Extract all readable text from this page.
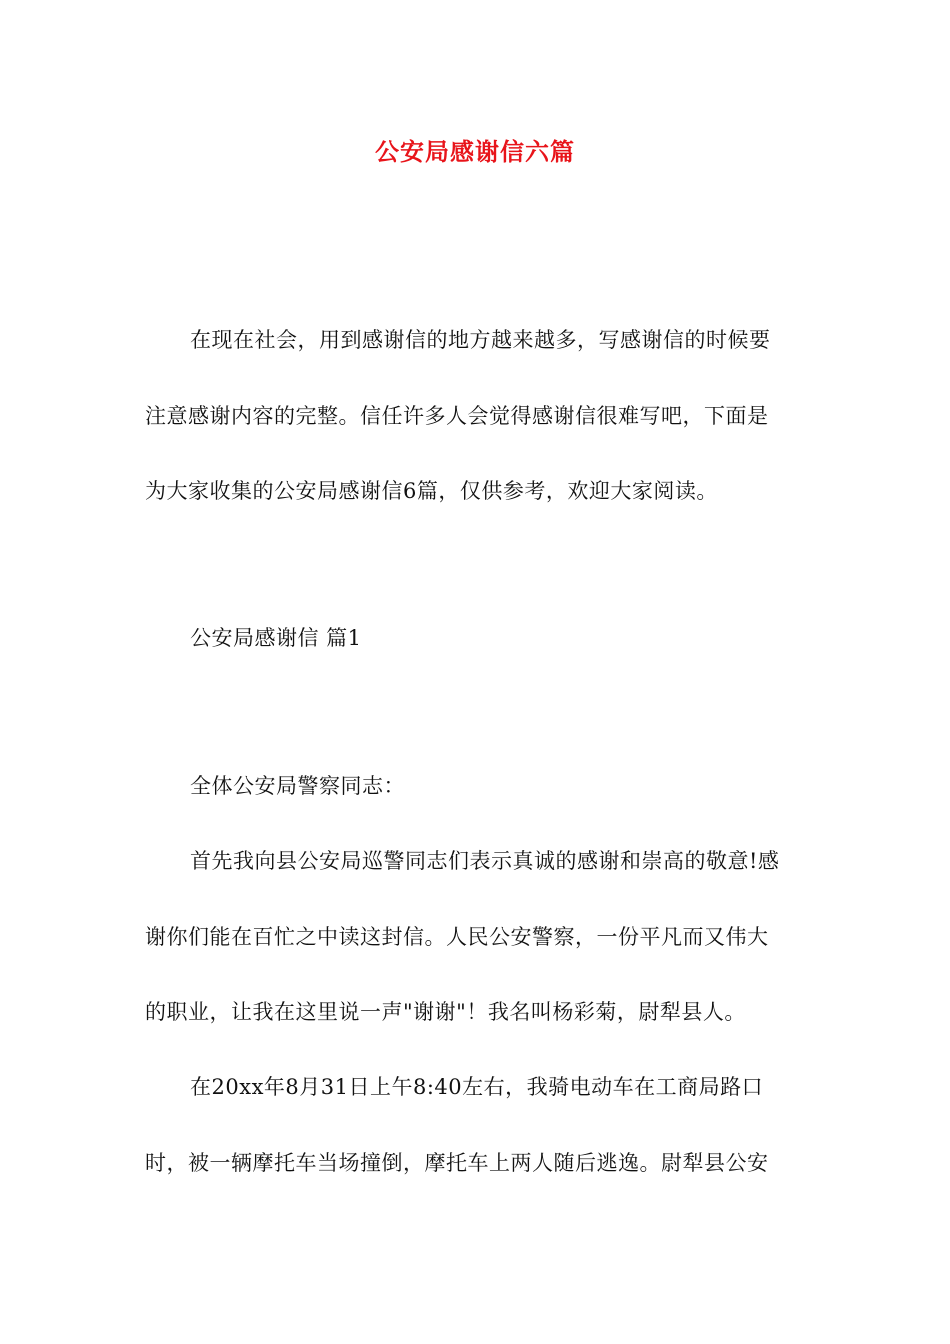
公安局感谢信六篇
在现在社会，用到感谢信的地方越来越多，写感谢信的时候要
注意感谢内容的完整。信任许多人会觉得感谢信很难写吧，下面是
为大家收集的公安局感谢信6篇，仅供参考，欢迎大家阅读。
公安局感谢信 篇1
全体公安局警察同志：
首先我向县公安局巡警同志们表示真诚的感谢和崇高的敬意!感
谢你们能在百忙之中读这封信。人民公安警察，一份平凡而又伟大
的职业，让我在这里说一声"谢谢"！我名叫杨彩菊，尉犁县人。
在20xx年8月31日上午8:40左右，我骑电动车在工商局路口
时，被一辆摩托车当场撞倒，摩托车上两人随后逃逸。尉犁县公安
